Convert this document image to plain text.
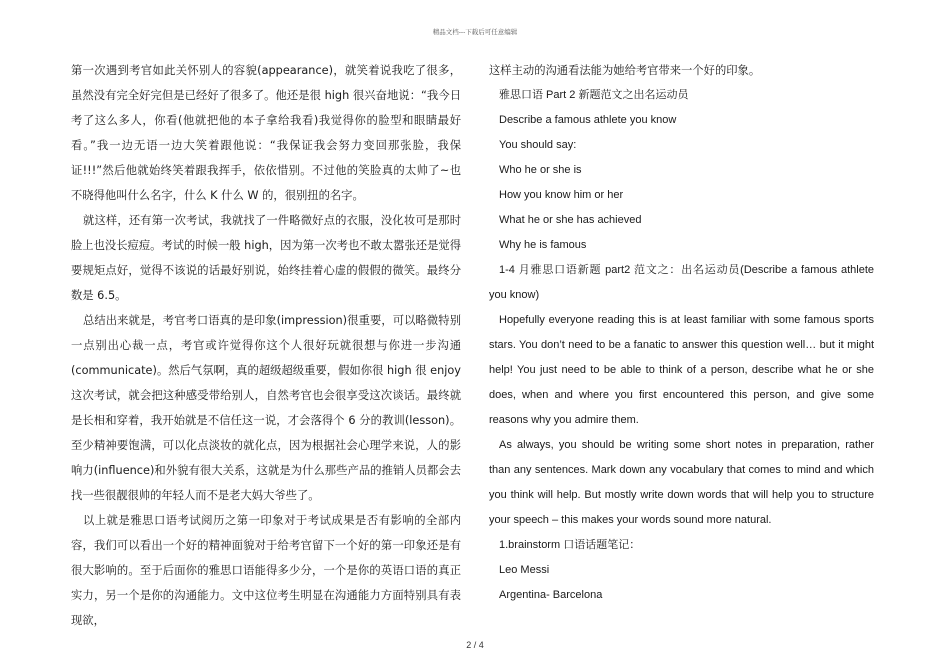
精品文档---下载后可任意编辑

第一次遇到考官如此关怀别人的容貌(appearance)，就笑着说我吃了很多，虽然没有完全好完但是已经好了很多了。他还是很 high 很兴奋地说：“我今日考了这么多人，你看(他就把他的本子拿给我看)我觉得你的脸型和眼睛最好看。”我一边无语一边大笑着跟他说：“我保证我会努力变回那张脸，我保证!!!”然后他就始终笑着跟我挥手，依依惜别。不过他的笑脸真的太帅了~也不晓得他叫什么名字，什么 K 什么 W 的，很别扭的名字。

就这样，还有第一次考试，我就找了一件略微好点的衣服，没化妆可是那时脸上也没长痘痘。考试的时候一般 high，因为第一次考也不敢太嚣张还是觉得要规矩点好，觉得不该说的话最好别说，始终挂着心虚的假假的微笑。最终分数是 6.5。

总结出来就是，考官考口语真的是印象(impression)很重要，可以略微特别一点别出心裁一点，考官或许觉得你这个人很好玩就很想与你进一步沟通(communicate)。然后气氛啊，真的超级超级重要，假如你很 high 很 enjoy 这次考试，就会把这种感受带给别人，自然考官也会很享受这次谈话。最终就是长相和穿着，我开始就是不信任这一说，才会落得个 6 分的教训(lesson)。至少精神要饱满，可以化点淡妆的就化点，因为根据社会心理学来说，人的影响力(influence)和外貌有很大关系，这就是为什么那些产品的推销人员都会去找一些很靓很帅的年轻人而不是老大妈大爷些了。

以上就是雅思口语考试阅历之第一印象对于考试成果是否有影响的全部内容，我们可以看出一个好的精神面貌对于给考官留下一个好的第一印象还是有很大影响的。至于后面你的雅思口语能得多少分，一个是你的英语口语的真正实力，另一个是你的沟通能力。文中这位考生明显在沟通能力方面特别具有表现欲，

这样主动的沟通看法能为她给考官带来一个好的印象。

雅思口语 Part 2 新题范文之出名运动员

Describe a famous athlete you know

You should say:

Who he or she is

How you know him or her

What he or she has achieved

Why he is famous

1-4 月雅思口语新题 part2 范文之：出名运动员(Describe a famous athlete you know)

Hopefully everyone reading this is at least familiar with some famous sports stars. You don’t need to be a fanatic to answer this question well… but it might help! You just need to be able to think of a person, describe what he or she does, when and where you first encountered this person, and give some reasons why you admire them.

As always, you should be writing some short notes in preparation, rather than any sentences. Mark down any vocabulary that comes to mind and which you think will help. But mostly write down words that will help you to structure your speech – this makes your words sound more natural.

1.brainstorm 口语话题笔记：

Leo Messi

Argentina- Barcelona

2 / 4
